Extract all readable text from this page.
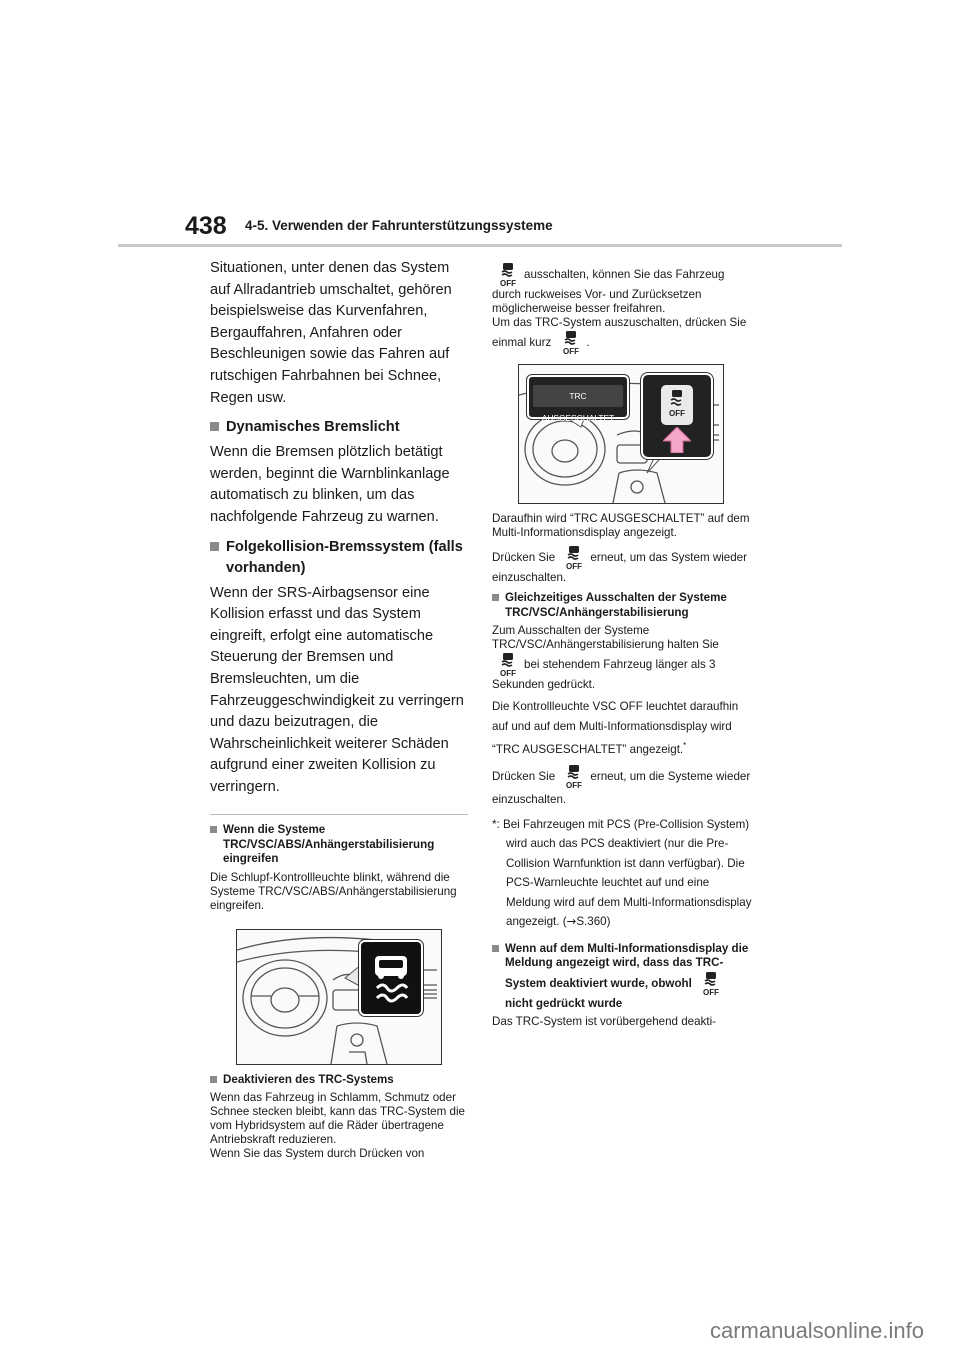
438 4-5. Verwenden der Fahrunterstützungssysteme

Situationen, unter denen das System auf Allradantrieb umschaltet, gehören beispielsweise das Kurvenfahren, Bergauffahren, Anfahren oder Beschleunigen sowie das Fahren auf rutschigen Fahrbahnen bei Schnee, Regen usw.

Dynamisches Bremslicht

Wenn die Bremsen plötzlich betätigt werden, beginnt die Warnblinkanlage automatisch zu blinken, um das nachfolgende Fahrzeug zu warnen.

Folgekollision-Bremssystem (falls vorhanden)

Wenn der SRS-Airbagsensor eine Kollision erfasst und das System eingreift, erfolgt eine automatische Steuerung der Bremsen und Bremsleuchten, um die Fahrzeuggeschwindigkeit zu verringern und dazu beizutragen, die Wahrscheinlichkeit weiterer Schäden aufgrund einer zweiten Kollision zu verringern.

Wenn die Systeme TRC/VSC/ABS/Anhängerstabilisierung eingreifen

Die Schlupf-Kontrollleuchte blinkt, während die Systeme TRC/VSC/ABS/Anhängerstabilisierung eingreifen.

Deaktivieren des TRC-Systems

Wenn das Fahrzeug in Schlamm, Schmutz oder Schnee stecken bleibt, kann das TRC-System die vom Hybridsystem auf die Räder übertragene Antriebskraft reduzieren.

Wenn Sie das System durch Drücken von

OFF
ausschalten, können Sie das Fahrzeug durch ruckweises Vor- und Zurücksetzen möglicherweise besser freifahren.

Um das TRC-System auszuschalten, drücken Sie einmal kurz
OFF
.

TRC AUSGESCHALTET	OFF

Daraufhin wird “TRC AUSGESCHALTET” auf dem Multi-Informationsdisplay angezeigt.

Drücken Sie
OFF
erneut, um das System wieder einzuschalten.

Gleichzeitiges Ausschalten der Systeme TRC/VSC/Anhängerstabilisierung

Zum Ausschalten der Systeme TRC/VSC/Anhängerstabilisierung halten Sie

OFF
bei stehendem Fahrzeug länger als 3 Sekunden gedrückt.

Die Kontrollleuchte VSC OFF leuchtet daraufhin auf und auf dem Multi-Informationsdisplay wird “TRC AUSGESCHALTET” angezeigt.*

Drücken Sie
OFF
erneut, um die Systeme wieder einzuschalten.

*: Bei Fahrzeugen mit PCS (Pre-Collision System) wird auch das PCS deaktiviert (nur die Pre-Collision Warnfunktion ist dann verfügbar). Die PCS-Warnleuchte leuchtet auf und eine Meldung wird auf dem Multi-Informationsdisplay angezeigt. (→S.360)

Wenn auf dem Multi-Informationsdisplay die Meldung angezeigt wird, dass das TRC-System deaktiviert wurde, obwohl
OFF
nicht gedrückt wurde

Das TRC-System ist vorübergehend deakti-

carmanualsonline.info
